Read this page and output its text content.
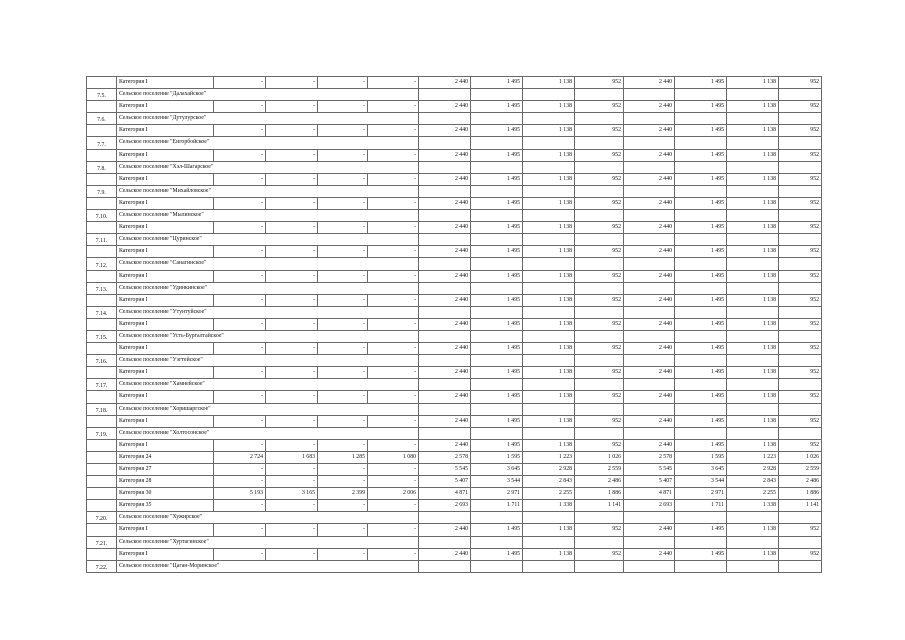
	Категория I	-	-	-	-	2 440	1 495	1 138	952	2 440	1 495	1 138	952
7.5.	Сельское поселение "Далахайское"												
	Категория I	-	-	-	-	2 440	1 495	1 138	952	2 440	1 495	1 138	952
7.6.	Сельское поселение "Дутулурское"												
	Категория I	-	-	-	-	2 440	1 495	1 138	952	2 440	1 495	1 138	952
7.7.	Сельское поселение "Енгорбойское"												
	Категория I	-	-	-	-	2 440	1 495	1 138	952	2 440	1 495	1 138	952
7.8.	Сельское поселение "Хэл-Шагарское"												
	Категория I	-	-	-	-	2 440	1 495	1 138	952	2 440	1 495	1 138	952
7.9.	Сельское поселение "Михайловское"												
	Категория I	-	-	-	-	2 440	1 495	1 138	952	2 440	1 495	1 138	952
7.10.	Сельское поселение "Мылинское"												
	Категория I	-	-	-	-	2 440	1 495	1 138	952	2 440	1 495	1 138	952
7.11.	Сельское поселение "Цуринское"												
	Категория I	-	-	-	-	2 440	1 495	1 138	952	2 440	1 495	1 138	952
7.12.	Сельское поселение "Санагинское"												
	Категория I	-	-	-	-	2 440	1 495	1 138	952	2 440	1 495	1 138	952
7.13.	Сельское поселение "Удинкинское"												
	Категория I	-	-	-	-	2 440	1 495	1 138	952	2 440	1 495	1 138	952
7.14.	Сельское поселение "Утунтуйское"												
	Категория I	-	-	-	-	2 440	1 495	1 138	952	2 440	1 495	1 138	952
7.15.	Сельское поселение "Усть-Бургалтайское"												
	Категория I	-	-	-	-	2 440	1 495	1 138	952	2 440	1 495	1 138	952
7.16.	Сельское поселение "Уэгтейское"												
	Категория I	-	-	-	-	2 440	1 495	1 138	952	2 440	1 495	1 138	952
7.17.	Сельское поселение "Хамнейское"												
	Категория I	-	-	-	-	2 440	1 495	1 138	952	2 440	1 495	1 138	952
7.18.	Сельское поселение "Хоришаргское"												
	Категория I	-	-	-	-	2 440	1 495	1 138	952	2 440	1 495	1 138	952
7.19.	Сельское поселение "Холтосонское"												
	Категория I	-	-	-	-	2 440	1 495	1 138	952	2 440	1 495	1 138	952
	Категория 24	2 724	1 683	1 285	1 080	2 578	1 595	1 223	1 026	2 578	1 595	1 223	1 026
	Категория 27	-	-	-	-	5 545	3 645	2 928	2 559	5 545	3 645	2 928	2 559
	Категория 28	-	-	-	-	5 407	3 544	2 843	2 486	5 407	3 544	2 843	2 486
	Категория 30	5 193	3 165	2 399	2 006	4 871	2 971	2 255	1 886	4 871	2 971	2 255	1 886
	Категория 35	-	-	-	-	2 693	1 711	1 338	1 141	2 693	1 711	1 338	1 141
7.20.	Сельское поселение "Хужирское"												
	Категория I	-	-	-	-	2 440	1 495	1 138	952	2 440	1 495	1 138	952
7.21.	Сельское поселение "Хуртагинское"												
	Категория I	-	-	-	-	2 440	1 495	1 138	952	2 440	1 495	1 138	952
7.22.	Сельское поселение "Цаган-Моринское"												
